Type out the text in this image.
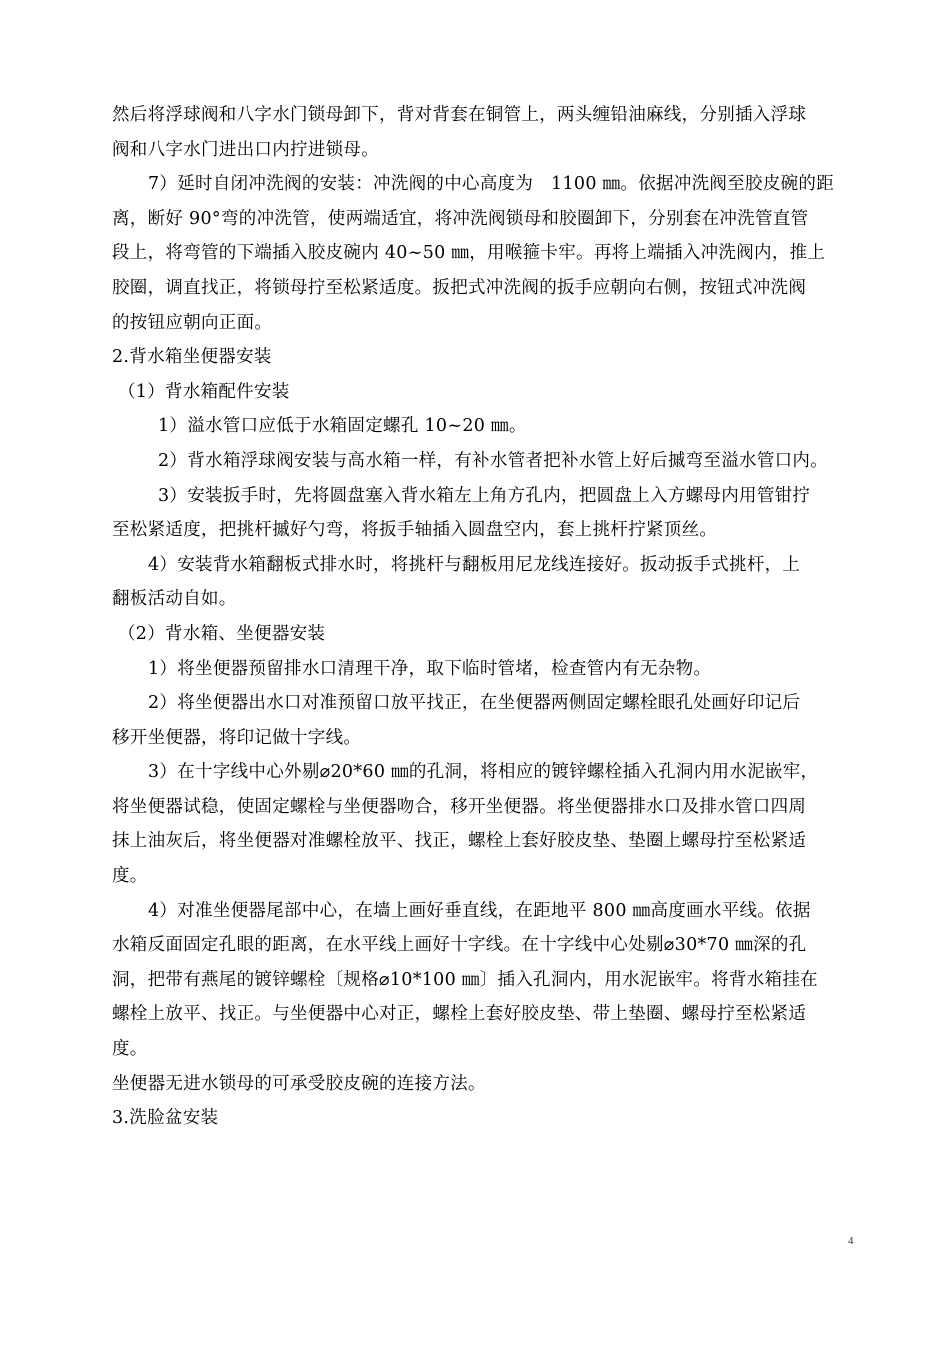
然后将浮球阀和八字水门锁母卸下，背对背套在铜管上，两头缠铅油麻线，分别插入浮球
阀和八字水门进出口内拧进锁母。
7）延时自闭冲洗阀的安装：冲洗阀的中心高度为　1100 ㎜。依据冲洗阀至胶皮碗的距
离，断好 90°弯的冲洗管，使两端适宜，将冲洗阀锁母和胶圈卸下，分别套在冲洗管直管
段上，将弯管的下端插入胶皮碗内 40~50 ㎜，用喉箍卡牢。再将上端插入冲洗阀内，推上
胶圈，调直找正，将锁母拧至松紧适度。扳把式冲洗阀的扳手应朝向右侧，按钮式冲洗阀
的按钮应朝向正面。
2.背水箱坐便器安装
（1）背水箱配件安装
1）溢水管口应低于水箱固定螺孔 10~20 ㎜。
2）背水箱浮球阀安装与高水箱一样，有补水管者把补水管上好后摵弯至溢水管口内。
3）安装扳手时，先将圆盘塞入背水箱左上角方孔内，把圆盘上入方螺母内用管钳拧
至松紧适度，把挑杆摵好勺弯，将扳手轴插入圆盘空内，套上挑杆拧紧顶丝。
4）安装背水箱翻板式排水时，将挑杆与翻板用尼龙线连接好。扳动扳手式挑杆，上
翻板活动自如。
（2）背水箱、坐便器安装
1）将坐便器预留排水口清理干净，取下临时管堵，检查管内有无杂物。
2）将坐便器出水口对准预留口放平找正，在坐便器两侧固定螺栓眼孔处画好印记后
移开坐便器，将印记做十字线。
3）在十字线中心外剔⌀20*60 ㎜的孔洞，将相应的镀锌螺栓插入孔洞内用水泥嵌牢，
将坐便器试稳，使固定螺栓与坐便器吻合，移开坐便器。将坐便器排水口及排水管口四周
抹上油灰后，将坐便器对准螺栓放平、找正，螺栓上套好胶皮垫、垫圈上螺母拧至松紧适
度。
4）对准坐便器尾部中心，在墙上画好垂直线，在距地平 800 ㎜高度画水平线。依据
水箱反面固定孔眼的距离，在水平线上画好十字线。在十字线中心处剔⌀30*70 ㎜深的孔
洞，把带有燕尾的镀锌螺栓〔规格⌀10*100 ㎜〕插入孔洞内，用水泥嵌牢。将背水箱挂在
螺栓上放平、找正。与坐便器中心对正，螺栓上套好胶皮垫、带上垫圈、螺母拧至松紧适
度。
坐便器无进水锁母的可承受胶皮碗的连接方法。
3.洗脸盆安装
4
